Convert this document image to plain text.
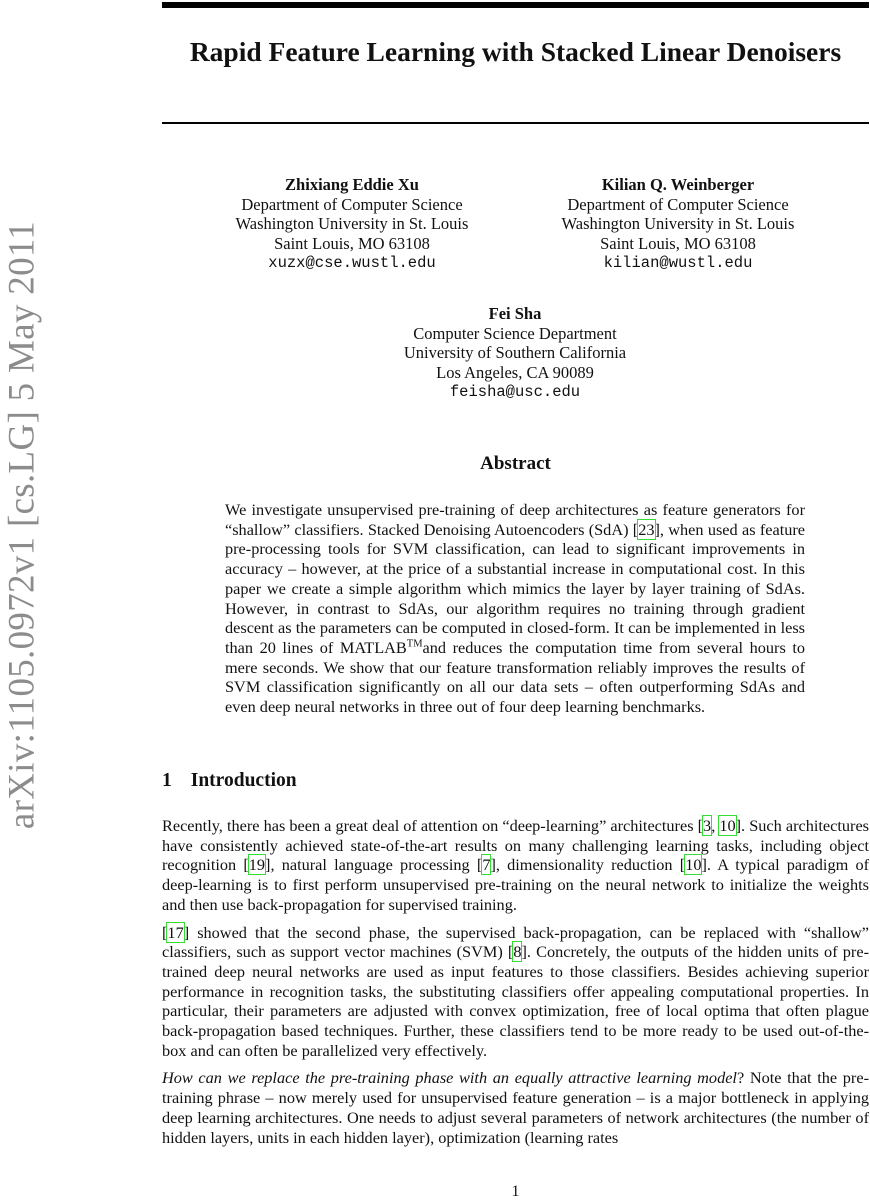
arXiv:1105.0972v1 [cs.LG] 5 May 2011
Rapid Feature Learning with Stacked Linear Denoisers
Zhixiang Eddie Xu
Department of Computer Science
Washington University in St. Louis
Saint Louis, MO 63108
xuzx@cse.wustl.edu
Kilian Q. Weinberger
Department of Computer Science
Washington University in St. Louis
Saint Louis, MO 63108
kilian@wustl.edu
Fei Sha
Computer Science Department
University of Southern California
Los Angeles, CA 90089
feisha@usc.edu
Abstract
We investigate unsupervised pre-training of deep architectures as feature generators for “shallow” classifiers. Stacked Denoising Autoencoders (SdA) [23], when used as feature pre-processing tools for SVM classification, can lead to significant improvements in accuracy – however, at the price of a substantial increase in computational cost. In this paper we create a simple algorithm which mimics the layer by layer training of SdAs. However, in contrast to SdAs, our algorithm requires no training through gradient descent as the parameters can be computed in closed-form. It can be implemented in less than 20 lines of MATLAB™and reduces the computation time from several hours to mere seconds. We show that our feature transformation reliably improves the results of SVM classification significantly on all our data sets – often outperforming SdAs and even deep neural networks in three out of four deep learning benchmarks.
1 Introduction

Recently, there has been a great deal of attention on “deep-learning” architectures [3, 10]. Such architectures have consistently achieved state-of-the-art results on many challenging learning tasks, including object recognition [19], natural language processing [7], dimensionality reduction [10]. A typical paradigm of deep-learning is to first perform unsupervised pre-training on the neural network to initialize the weights and then use back-propagation for supervised training.

[17] showed that the second phase, the supervised back-propagation, can be replaced with “shallow” classifiers, such as support vector machines (SVM) [8]. Concretely, the outputs of the hidden units of pre-trained deep neural networks are used as input features to those classifiers. Besides achieving superior performance in recognition tasks, the substituting classifiers offer appealing computational properties. In particular, their parameters are adjusted with convex optimization, free of local optima that often plague back-propagation based techniques. Further, these classifiers tend to be more ready to be used out-of-the-box and can often be parallelized very effectively.

How can we replace the pre-training phase with an equally attractive learning model? Note that the pre-training phrase – now merely used for unsupervised feature generation – is a major bottleneck in applying deep learning architectures. One needs to adjust several parameters of network architectures (the number of hidden layers, units in each hidden layer), optimization (learning rates

1
